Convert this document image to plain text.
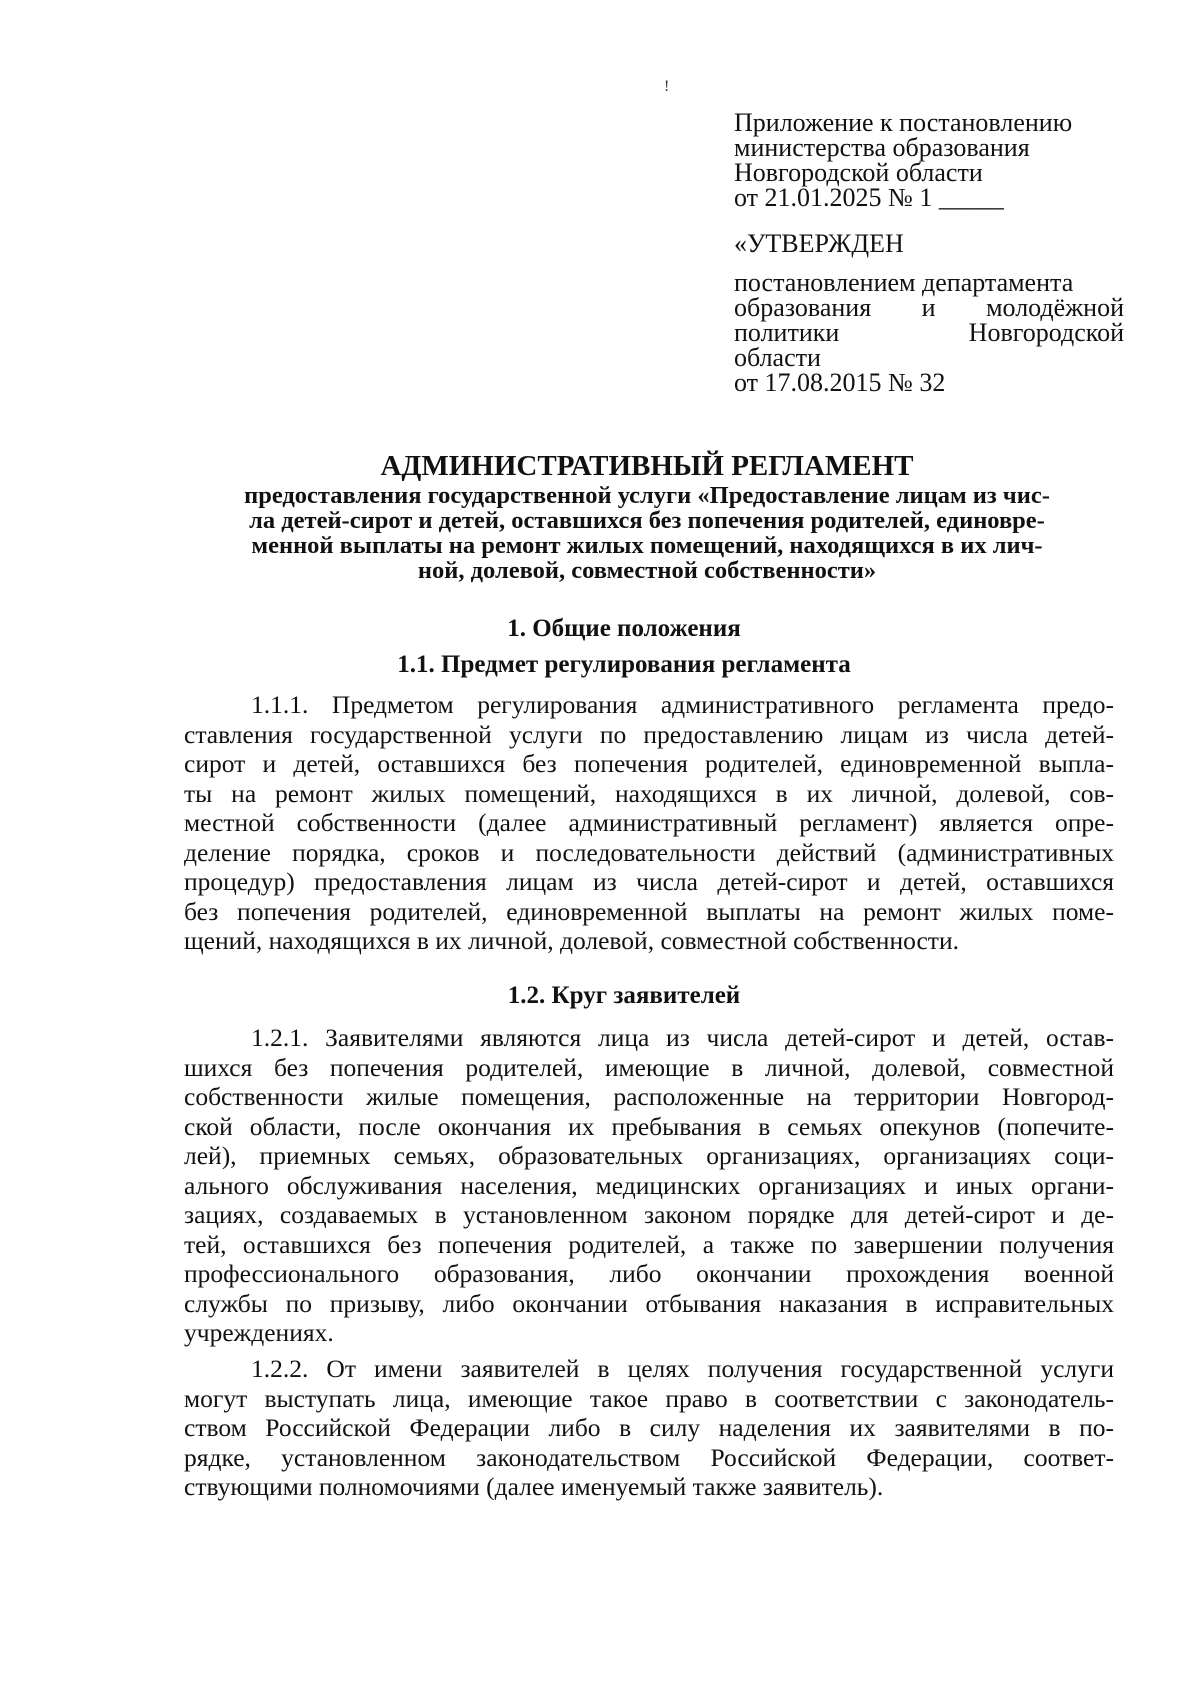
!
Приложение к постановлению
министерства образования
Новгородской области
от 21.01.2025 № 1 _____
«УТВЕРЖДЕН
постановлением департамента
образования и молодёжной
политики Новгородской
области
от 17.08.2015 № 32
АДМИНИСТРАТИВНЫЙ РЕГЛАМЕНТ
предоставления государственной услуги «Предоставление лицам из чис-
ла детей-сирот и детей, оставшихся без попечения родителей, единовре-
менной выплаты на ремонт жилых помещений, находящихся в их лич-
ной, долевой, совместной собственности»
1. Общие положения
1.1. Предмет регулирования регламента
1.1.1. Предметом регулирования административного регламента предо-
ставления государственной услуги по предоставлению лицам из числа детей-
сирот и детей, оставшихся без попечения родителей, единовременной выпла-
ты на ремонт жилых помещений, находящихся в их личной, долевой, сов-
местной собственности (далее административный регламент) является опре-
деление порядка, сроков и последовательности действий (административных
процедур) предоставления лицам из числа детей-сирот и детей, оставшихся
без попечения родителей, единовременной выплаты на ремонт жилых поме-
щений, находящихся в их личной, долевой, совместной собственности.
1.2. Круг заявителей
1.2.1. Заявителями являются лица из числа детей-сирот и детей, остав-
шихся без попечения родителей, имеющие в личной, долевой, совместной
собственности жилые помещения, расположенные на территории Новгород-
ской области, после окончания их пребывания в семьях опекунов (попечите-
лей), приемных семьях, образовательных организациях, организациях соци-
ального обслуживания населения, медицинских организациях и иных органи-
зациях, создаваемых в установленном законом порядке для детей-сирот и де-
тей, оставшихся без попечения родителей, а также по завершении получения
профессионального образования, либо окончании прохождения военной
службы по призыву, либо окончании отбывания наказания в исправительных
учреждениях.
1.2.2. От имени заявителей в целях получения государственной услуги
могут выступать лица, имеющие такое право в соответствии с законодатель-
ством Российской Федерации либо в силу наделения их заявителями в по-
рядке, установленном законодательством Российской Федерации, соответ-
ствующими полномочиями (далее именуемый также заявитель).
